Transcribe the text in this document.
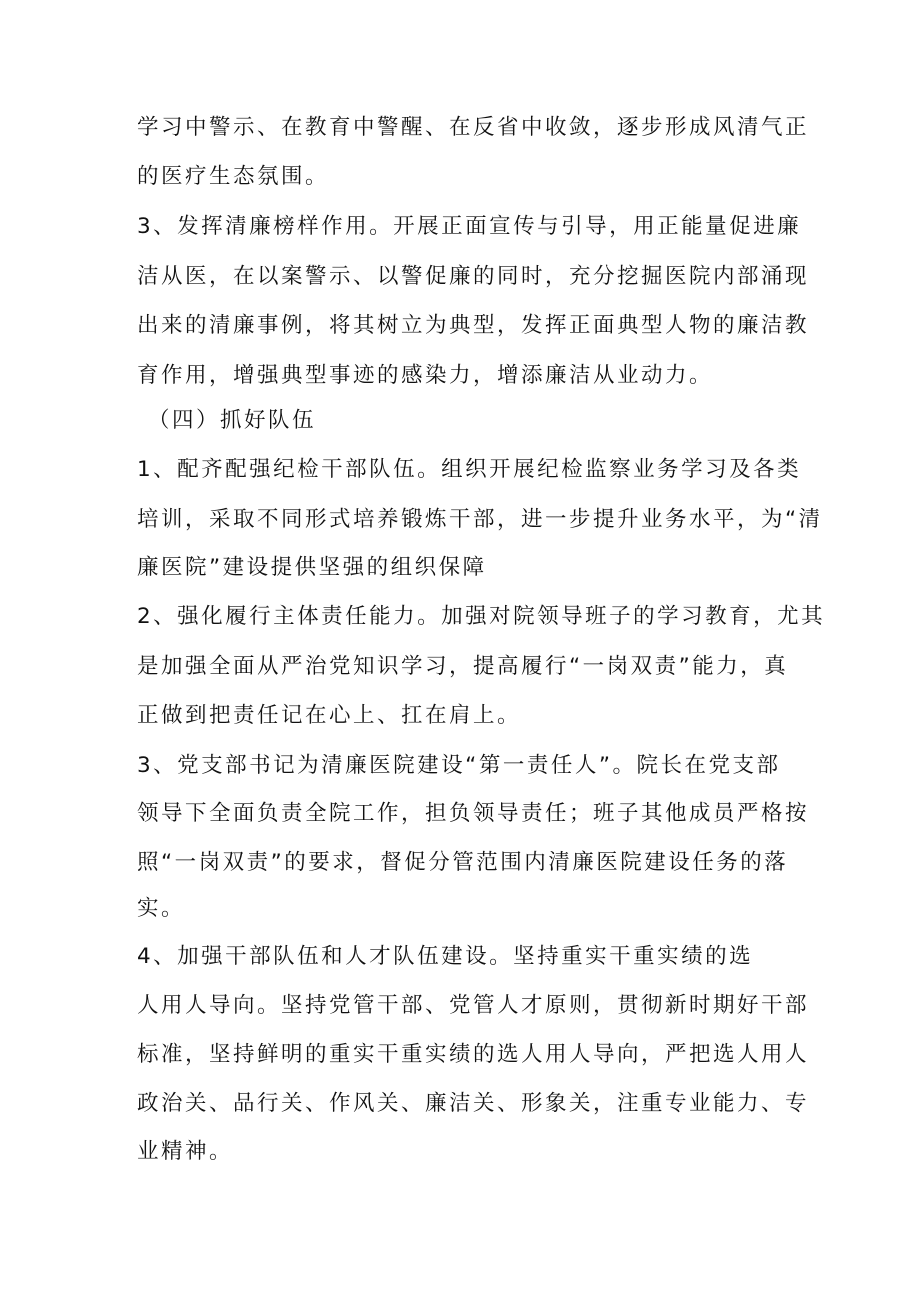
学习中警示、在教育中警醒、在反省中收敛，逐步形成风清气正
的医疗生态氛围。
3、发挥清廉榜样作用。开展正面宣传与引导，用正能量促进廉
洁从医，在以案警示、以警促廉的同时，充分挖掘医院内部涌现
出来的清廉事例，将其树立为典型，发挥正面典型人物的廉洁教
育作用，增强典型事迹的感染力，增添廉洁从业动力。
（四）抓好队伍
1、配齐配强纪检干部队伍。组织开展纪检监察业务学习及各类
培训，采取不同形式培养锻炼干部，进一步提升业务水平，为“清
廉医院”建设提供坚强的组织保障
2、强化履行主体责任能力。加强对院领导班子的学习教育，尤其
是加强全面从严治党知识学习，提高履行“一岗双责”能力，真
正做到把责任记在心上、扛在肩上。
3、党支部书记为清廉医院建设“第一责任人”。院长在党支部
领导下全面负责全院工作，担负领导责任；班子其他成员严格按
照“一岗双责”的要求，督促分管范围内清廉医院建设任务的落
实。
4、加强干部队伍和人才队伍建设。坚持重实干重实绩的选
人用人导向。坚持党管干部、党管人才原则，贯彻新时期好干部
标准，坚持鲜明的重实干重实绩的选人用人导向，严把选人用人
政治关、品行关、作风关、廉洁关、形象关，注重专业能力、专
业精神。
